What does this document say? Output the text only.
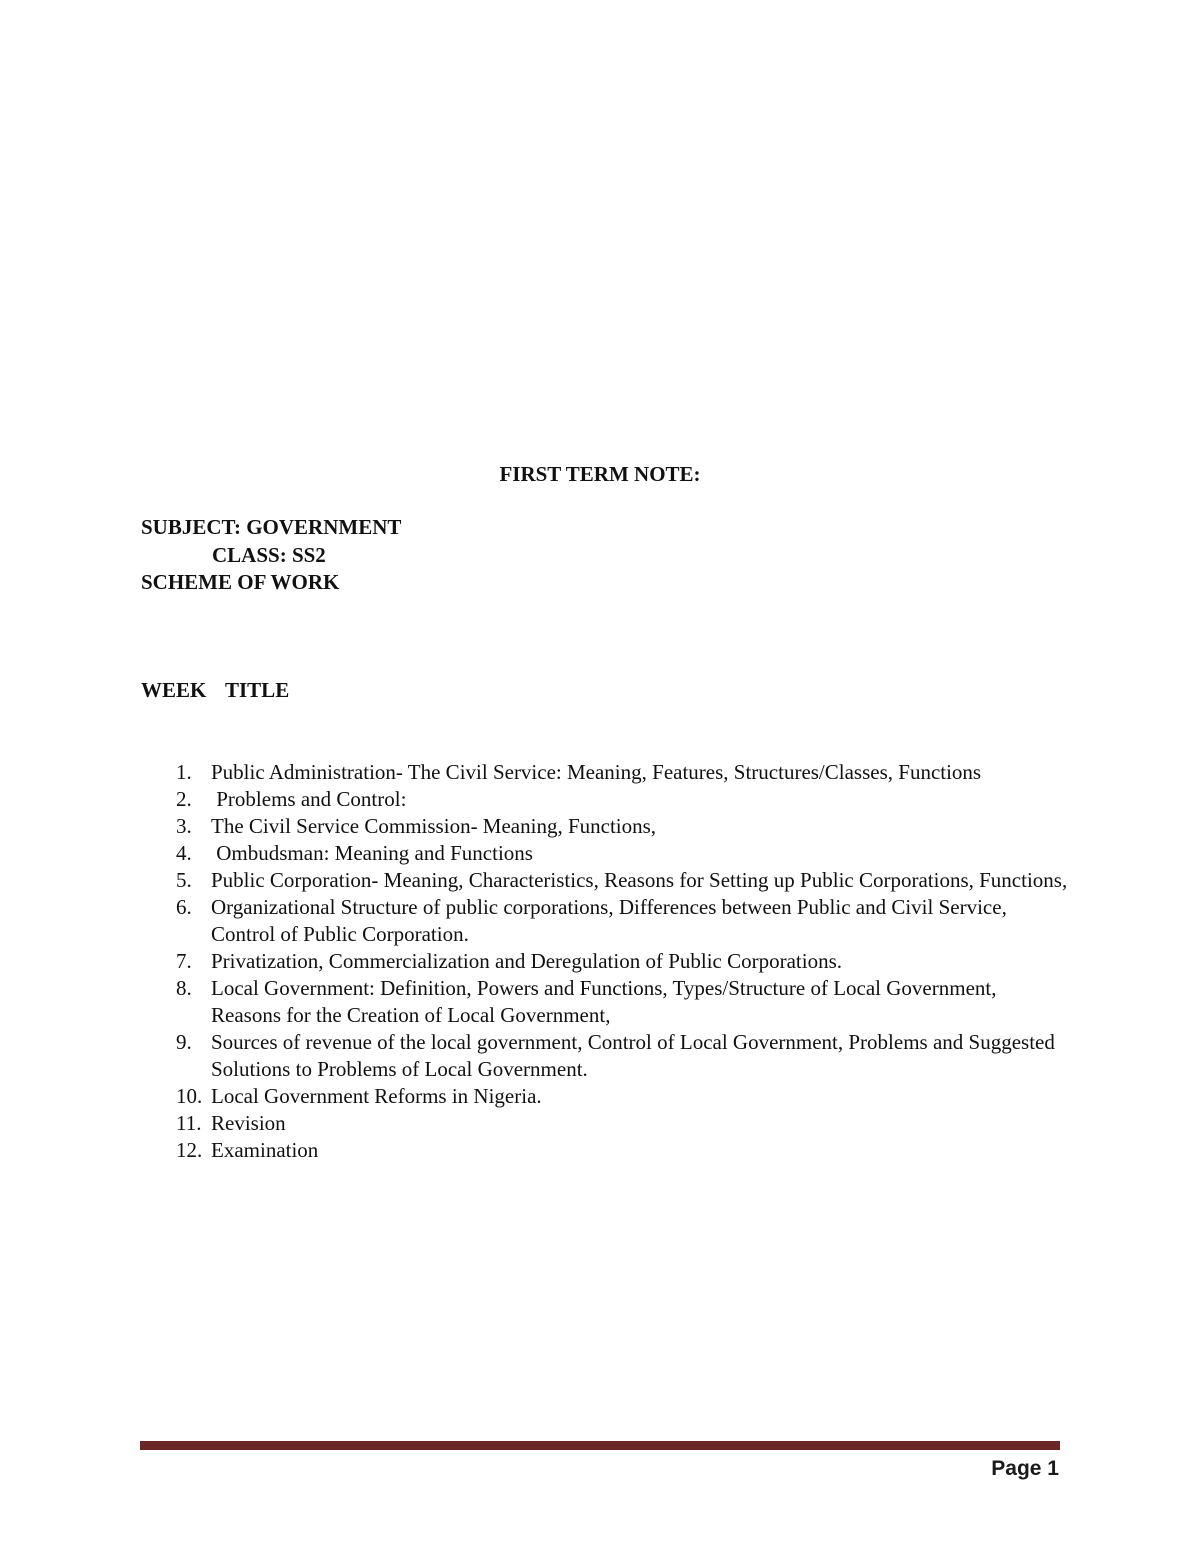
FIRST TERM NOTE:
SUBJECT: GOVERNMENT
CLASS: SS2
SCHEME OF WORK
WEEK TITLE
1. Public Administration- The Civil Service: Meaning, Features, Structures/Classes, Functions
2. Problems and Control:
3. The Civil Service Commission- Meaning, Functions,
4. Ombudsman: Meaning and Functions
5. Public Corporation- Meaning, Characteristics, Reasons for Setting up Public Corporations, Functions,
6. Organizational Structure of public corporations, Differences between Public and Civil Service, Control of Public Corporation.
7. Privatization, Commercialization and Deregulation of Public Corporations.
8. Local Government: Definition, Powers and Functions, Types/Structure of Local Government, Reasons for the Creation of Local Government,
9. Sources of revenue of the local government, Control of Local Government, Problems and Suggested Solutions to Problems of Local Government.
10. Local Government Reforms in Nigeria.
11. Revision
12. Examination
Page 1
